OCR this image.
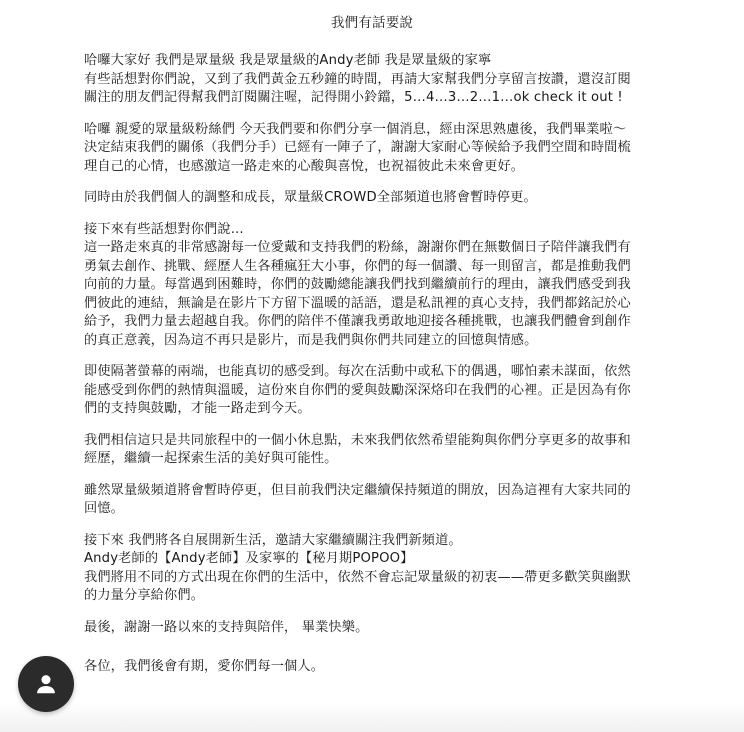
我們有話要說
哈囉大家好 我們是眾量級 我是眾量級的Andy老師 我是眾量級的家寧
有些話想對你們說，又到了我們黃金五秒鐘的時間，再請大家幫我們分享留言按讚，還沒訂閱
關注的朋友們記得幫我們訂閱關注喔，記得開小鈴鐺，5…4…3…2…1…ok check it out !
哈囉 親愛的眾量級粉絲們 今天我們要和你們分享一個消息，經由深思熟慮後，我們畢業啦～
決定結束我們的關係（我們分手）已經有一陣子了，謝謝大家耐心等候給予我們空間和時間梳
理自己的心情，也感激這一路走來的心酸與喜悅，也祝福彼此未來會更好。
同時由於我們個人的調整和成長，眾量級CROWD全部頻道也將會暫時停更。
接下來有些話想對你們說...
這一路走來真的非常感謝每一位愛戴和支持我們的粉絲，謝謝你們在無數個日子陪伴讓我們有
勇氣去創作、挑戰、經歷人生各種瘋狂大小事，你們的每一個讚、每一則留言，都是推動我們
向前的力量。每當遇到困難時，你們的鼓勵總能讓我們找到繼續前行的理由，讓我們感受到我
們彼此的連結，無論是在影片下方留下溫暖的話語，還是私訊裡的真心支持，我們都銘記於心
給予，我們力量去超越自我。你們的陪伴不僅讓我勇敢地迎接各種挑戰，也讓我們體會到創作
的真正意義，因為這不再只是影片，而是我們與你們共同建立的回憶與情感。
即使隔著螢幕的兩端，也能真切的感受到。每次在活動中或私下的偶遇，哪怕素未謀面，依然
能感受到你們的熱情與溫暖，這份來自你們的愛與鼓勵深深烙印在我們的心裡。正是因為有你
們的支持與鼓勵，才能一路走到今天。
我們相信這只是共同旅程中的一個小休息點，未來我們依然希望能夠與你們分享更多的故事和
經歷，繼續一起探索生活的美好與可能性。
雖然眾量級頻道將會暫時停更，但目前我們決定繼續保持頻道的開放，因為這裡有大家共同的
回憶。
接下來 我們將各自展開新生活，邀請大家繼續關注我們新頻道。
Andy老師的【Andy老師】及家寧的【秘月期POPOO】
我們將用不同的方式出現在你們的生活中，依然不會忘記眾量級的初衷——帶更多歡笑與幽默
的力量分享給你們。
最後，謝謝一路以來的支持與陪伴， 畢業快樂。
各位，我們後會有期，愛你們每一個人。
